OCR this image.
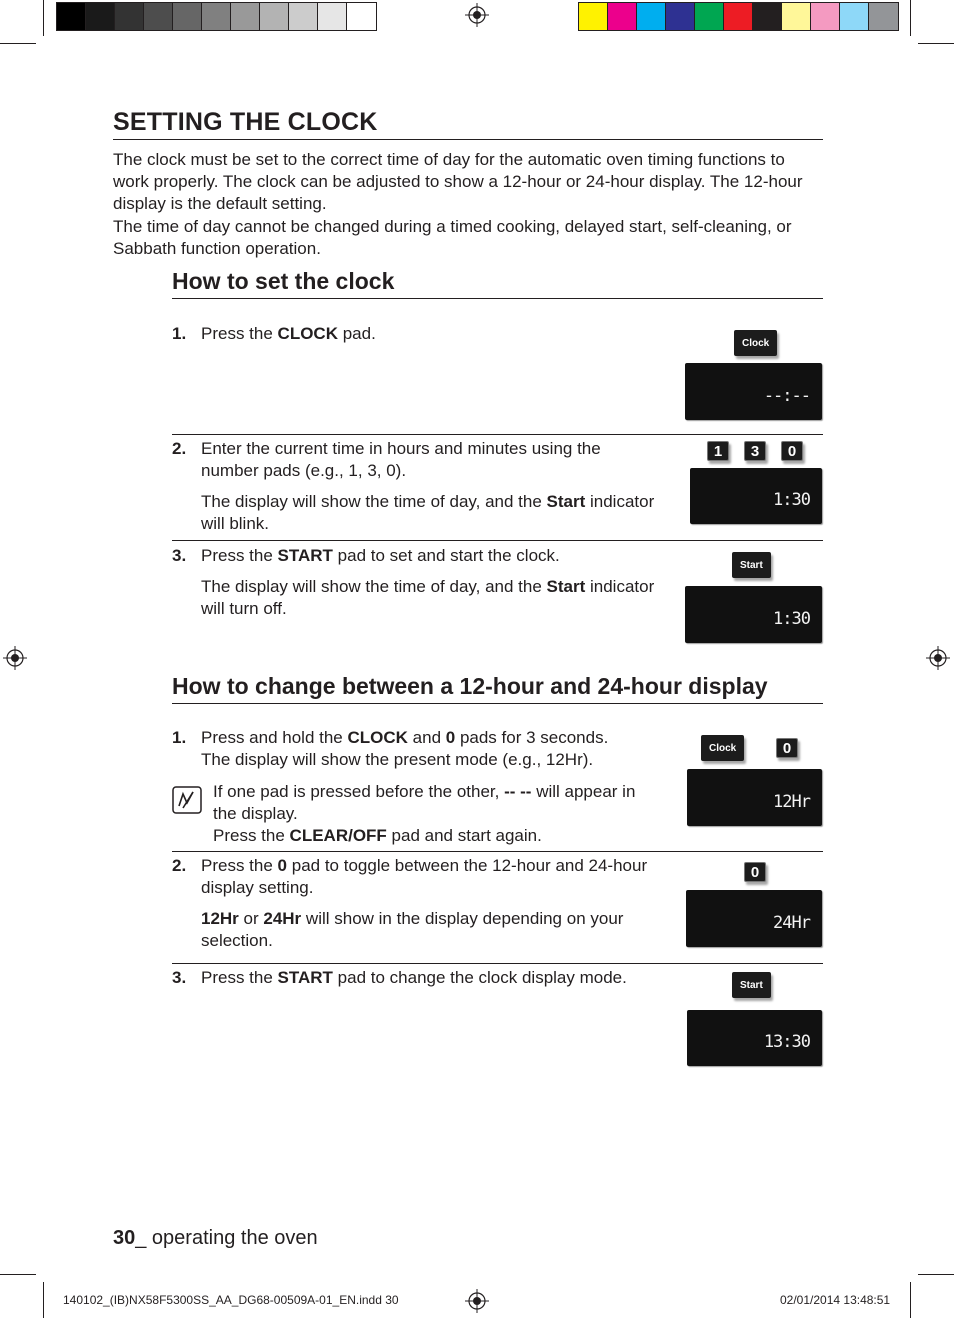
SETTING THE CLOCK
The clock must be set to the correct time of day for the automatic oven timing functions to work properly. The clock can be adjusted to show a 12-hour or 24-hour display. The 12-hour display is the default setting.
The time of day cannot be changed during a timed cooking, delayed start, self-cleaning, or Sabbath function operation.
How to set the clock
1. Press the CLOCK pad.	Clock
--:--
2. Enter the current time in hours and minutes using the number pads (e.g., 1, 3, 0).

The display will show the time of day, and the Start indicator will blink.

1	3	0
1:30
3. Press the START pad to set and start the clock.

The display will show the time of day, and the Start indicator will turn off.

Start
1:30
How to change between a 12-hour and 24-hour display
1. Press and hold the CLOCK and 0 pads for 3 seconds.
The display will show the present mode (e.g., 12Hr).

If one pad is pressed before the other, -- -- will appear in the display.
Press the CLEAR/OFF pad and start again.

Clock	0
12Hr
2. Press the 0 pad to toggle between the 12-hour and 24-hour display setting.

12Hr or 24Hr will show in the display depending on your selection.

0
24Hr
3. Press the START pad to change the clock display mode.	Start
13:30
30_ operating the oven
140102_(IB)NX58F5300SS_AA_DG68-00509A-01_EN.indd 30	02/01/2014 13:48:51
